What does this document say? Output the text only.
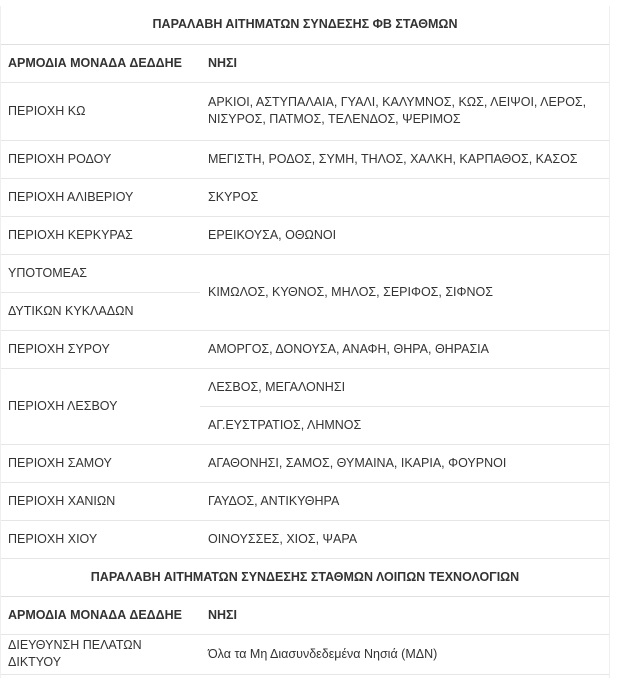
ΠΑΡΑΛΑΒΗ ΑΙΤΗΜΑΤΩΝ ΣΥΝΔΕΣΗΣ ΦΒ ΣΤΑΘΜΩΝ	
ΑΡΜΟΔΙΑ ΜΟΝΑΔΑ ΔΕΔΔΗΕ	ΝΗΣΙ
ΠΕΡΙΟΧΗ ΚΩ	ΑΡΚΙΟΙ, ΑΣΤΥΠΑΛΑΙΑ, ΓΥΑΛΙ, ΚΑΛΥΜΝΟΣ, ΚΩΣ, ΛΕΙΨΟΙ, ΛΕΡΟΣ, ΝΙΣΥΡΟΣ, ΠΑΤΜΟΣ, ΤΕΛΕΝΔΟΣ, ΨΕΡΙΜΟΣ
ΠΕΡΙΟΧΗ ΡΟΔΟΥ	ΜΕΓΙΣΤΗ, ΡΟΔΟΣ, ΣΥΜΗ, ΤΗΛΟΣ, ΧΑΛΚΗ, ΚΑΡΠΑΘΟΣ, ΚΑΣΟΣ
ΠΕΡΙΟΧΗ ΑΛΙΒΕΡΙΟΥ	ΣΚΥΡΟΣ
ΠΕΡΙΟΧΗ ΚΕΡΚΥΡΑΣ	ΕΡΕΙΚΟΥΣΑ, ΟΘΩΝΟΙ
ΥΠΟΤΟΜΕΑΣ	ΚΙΜΩΛΟΣ, ΚΥΘΝΟΣ, ΜΗΛΟΣ, ΣΕΡΙΦΟΣ, ΣΙΦΝΟΣ
ΔΥΤΙΚΩΝ ΚΥΚΛΑΔΩΝ	
ΠΕΡΙΟΧΗ ΣΥΡΟΥ	ΑΜΟΡΓΟΣ, ΔΟΝΟΥΣΑ, ΑΝΑΦΗ, ΘΗΡΑ, ΘΗΡΑΣΙΑ
ΠΕΡΙΟΧΗ ΛΕΣΒΟΥ	ΛΕΣΒΟΣ, ΜΕΓΑΛΟΝΗΣΙ
	ΑΓ.ΕΥΣΤΡΑΤΙΟΣ, ΛΗΜΝΟΣ
ΠΕΡΙΟΧΗ ΣΑΜΟΥ	ΑΓΑΘΟΝΗΣΙ, ΣΑΜΟΣ, ΘΥΜΑΙΝΑ, ΙΚΑΡΙΑ, ΦΟΥΡΝΟΙ
ΠΕΡΙΟΧΗ ΧΑΝΙΩΝ	ΓΑΥΔΟΣ, ΑΝΤΙΚΥΘΗΡΑ
ΠΕΡΙΟΧΗ ΧΙΟΥ	ΟΙΝΟΥΣΣΕΣ, ΧΙΟΣ, ΨΑΡΑ
ΠΑΡΑΛΑΒΗ ΑΙΤΗΜΑΤΩΝ ΣΥΝΔΕΣΗΣ ΣΤΑΘΜΩΝ ΛΟΙΠΩΝ ΤΕΧΝΟΛΟΓΙΩΝ	
ΑΡΜΟΔΙΑ ΜΟΝΑΔΑ ΔΕΔΔΗΕ	ΝΗΣΙ
ΔΙΕΥΘΥΝΣΗ ΠΕΛΑΤΩΝ ΔΙΚΤΥΟΥ	Όλα τα Μη Διασυνδεδεμένα Νησιά (ΜΔΝ)
